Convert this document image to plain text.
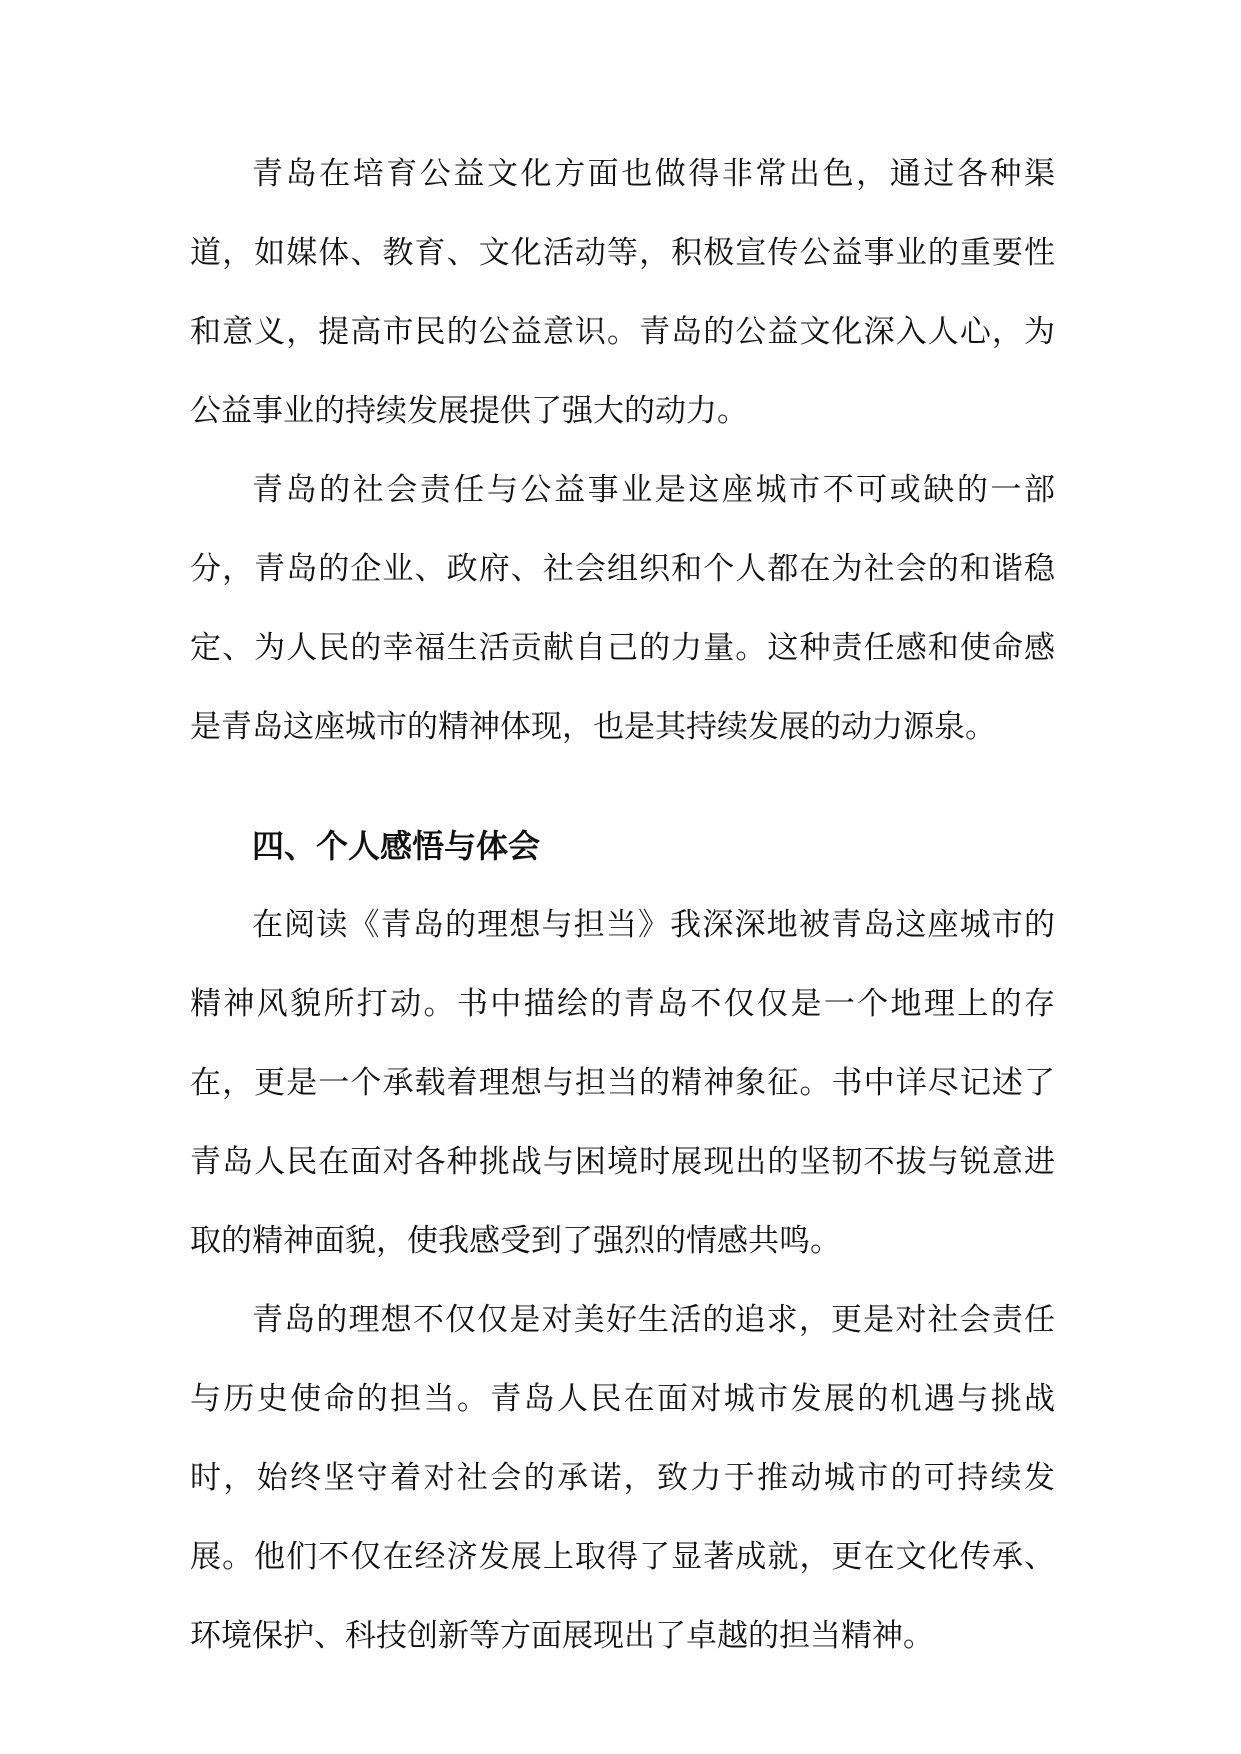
青岛在培育公益文化方面也做得非常出色，通过各种渠道，如媒体、教育、文化活动等，积极宣传公益事业的重要性和意义，提高市民的公益意识。青岛的公益文化深入人心，为公益事业的持续发展提供了强大的动力。

青岛的社会责任与公益事业是这座城市不可或缺的一部分，青岛的企业、政府、社会组织和个人都在为社会的和谐稳定、为人民的幸福生活贡献自己的力量。这种责任感和使命感是青岛这座城市的精神体现，也是其持续发展的动力源泉。

四、个人感悟与体会

在阅读《青岛的理想与担当》我深深地被青岛这座城市的精神风貌所打动。书中描绘的青岛不仅仅是一个地理上的存在，更是一个承载着理想与担当的精神象征。书中详尽记述了青岛人民在面对各种挑战与困境时展现出的坚韧不拔与锐意进取的精神面貌，使我感受到了强烈的情感共鸣。

青岛的理想不仅仅是对美好生活的追求，更是对社会责任与历史使命的担当。青岛人民在面对城市发展的机遇与挑战时，始终坚守着对社会的承诺，致力于推动城市的可持续发展。他们不仅在经济发展上取得了显著成就，更在文化传承、环境保护、科技创新等方面展现出了卓越的担当精神。
